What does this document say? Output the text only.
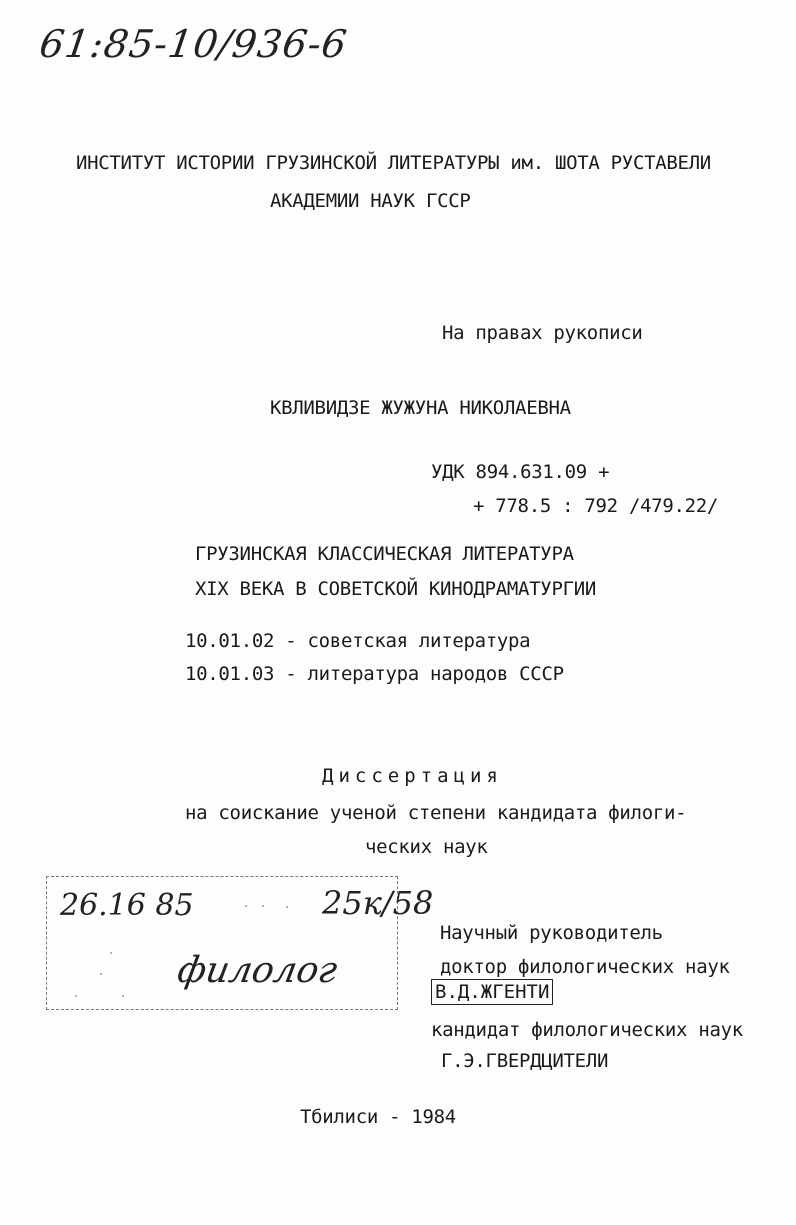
61:85-10/936-6
ИНСТИТУТ ИСТОРИИ ГРУЗИНСКОЙ ЛИТЕРАТУРЫ им. ШОТА РУСТАВЕЛИ
АКАДЕМИИ НАУК ГССР
На правах рукописи
КВЛИВИДЗЕ ЖУЖУНА НИКОЛАЕВНА
УДК 894.631.09 +
+ 778.5 : 792 /479.22/
ГРУЗИНСКАЯ КЛАССИЧЕСКАЯ ЛИТЕРАТУРА
XIX ВЕКА В СОВЕТСКОЙ КИНОДРАМАТУРГИИ
10.01.02 - советская литература
10.01.03 - литература народов СССР
Диссертация
на соискание ученой степени кандидата филоги-
ческих наук
26.16 85	25к/58
филолог
Научный руководитель
доктор филологических наук
В.Д.ЖГЕНТИ
кандидат филологических наук
Г.Э.ГВЕРДЦИТЕЛИ
Тбилиси - 1984
